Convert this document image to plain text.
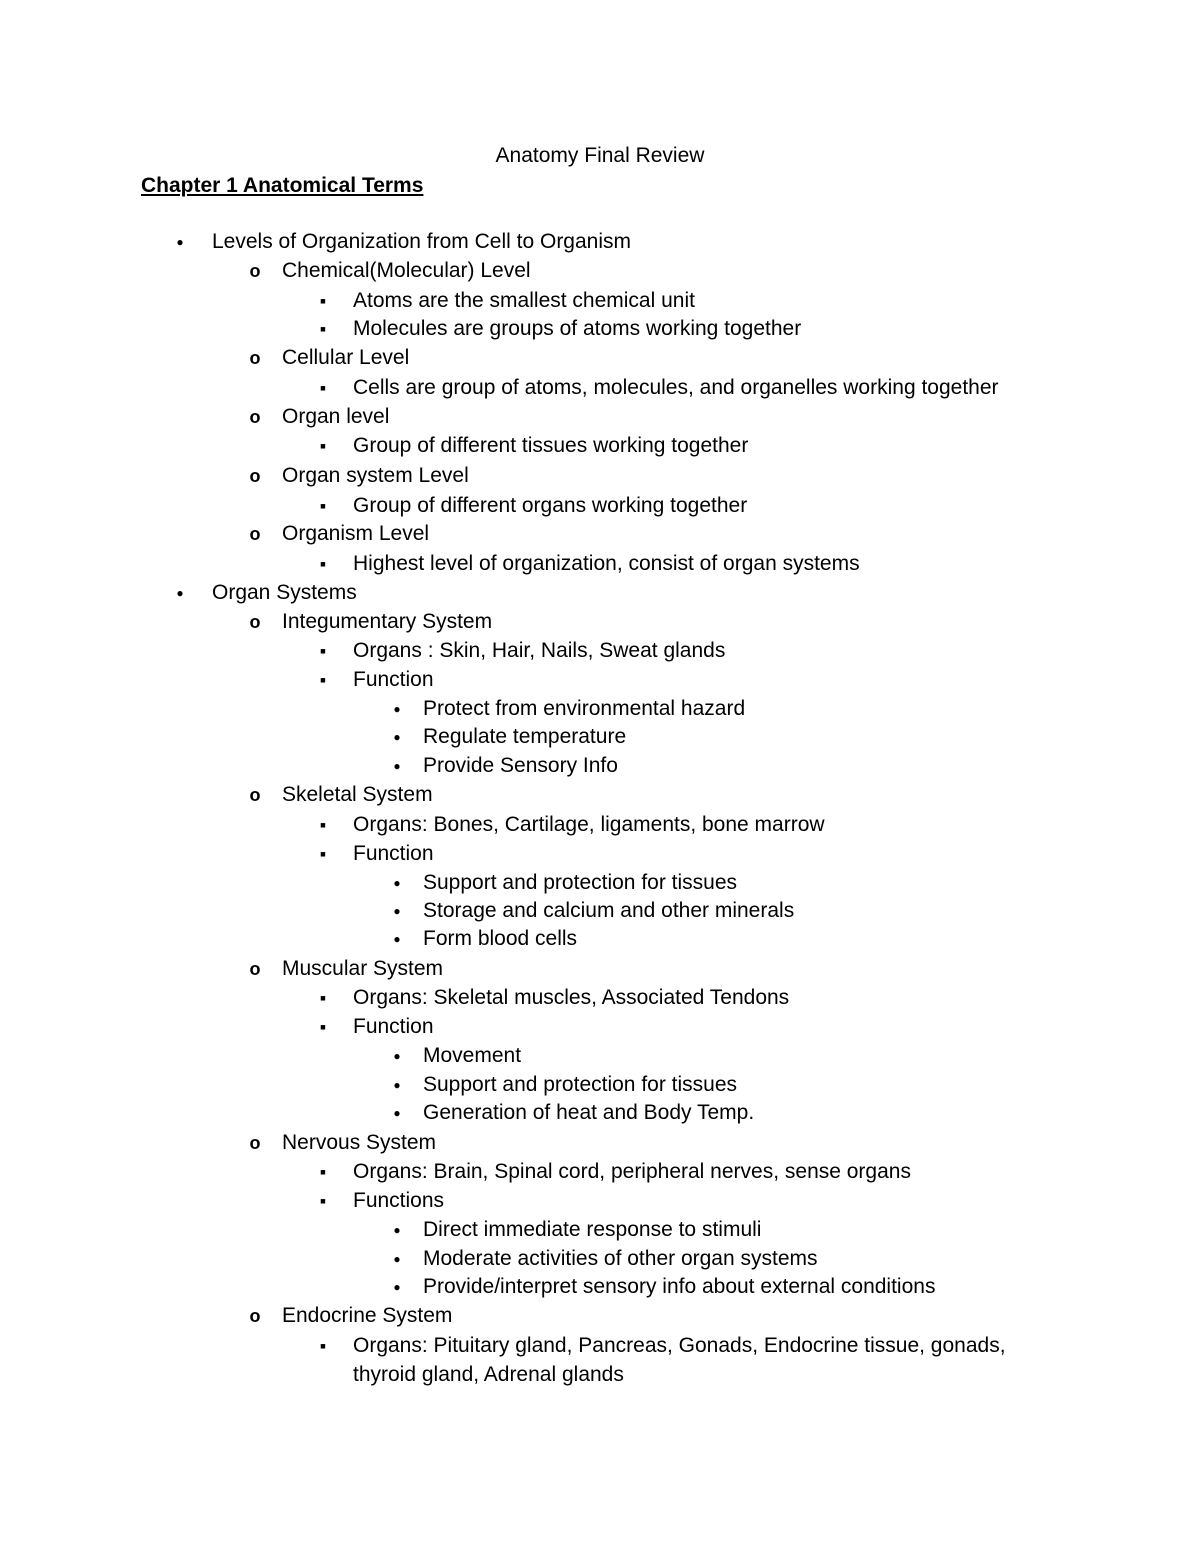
Anatomy Final Review
Chapter 1 Anatomical Terms
●
Levels of Organization from Cell to Organism
o
Chemical(Molecular) Level
▪
Atoms are the smallest chemical unit
▪
Molecules are groups of atoms working together
o
Cellular Level
▪
Cells are group of atoms, molecules, and organelles working together
o
Organ level
▪
Group of different tissues working together
o
Organ system Level
▪
Group of different organs working together
o
Organism Level
▪
Highest level of organization, consist of organ systems
●
Organ Systems
o
Integumentary System
▪
Organs : Skin, Hair, Nails, Sweat glands
▪
Function
●
Protect from environmental hazard
●
Regulate temperature
●
Provide Sensory Info
o
Skeletal System
▪
Organs: Bones, Cartilage, ligaments, bone marrow
▪
Function
●
Support and protection for tissues
●
Storage and calcium and other minerals
●
Form blood cells
o
Muscular System
▪
Organs: Skeletal muscles, Associated Tendons
▪
Function
●
Movement
●
Support and protection for tissues
●
Generation of heat and Body Temp.
o
Nervous System
▪
Organs: Brain, Spinal cord, peripheral nerves, sense organs
▪
Functions
●
Direct immediate response to stimuli
●
Moderate activities of other organ systems
●
Provide/interpret sensory info about external conditions
o
Endocrine System
▪
Organs: Pituitary gland, Pancreas, Gonads, Endocrine tissue, gonads,
thyroid gland, Adrenal glands
